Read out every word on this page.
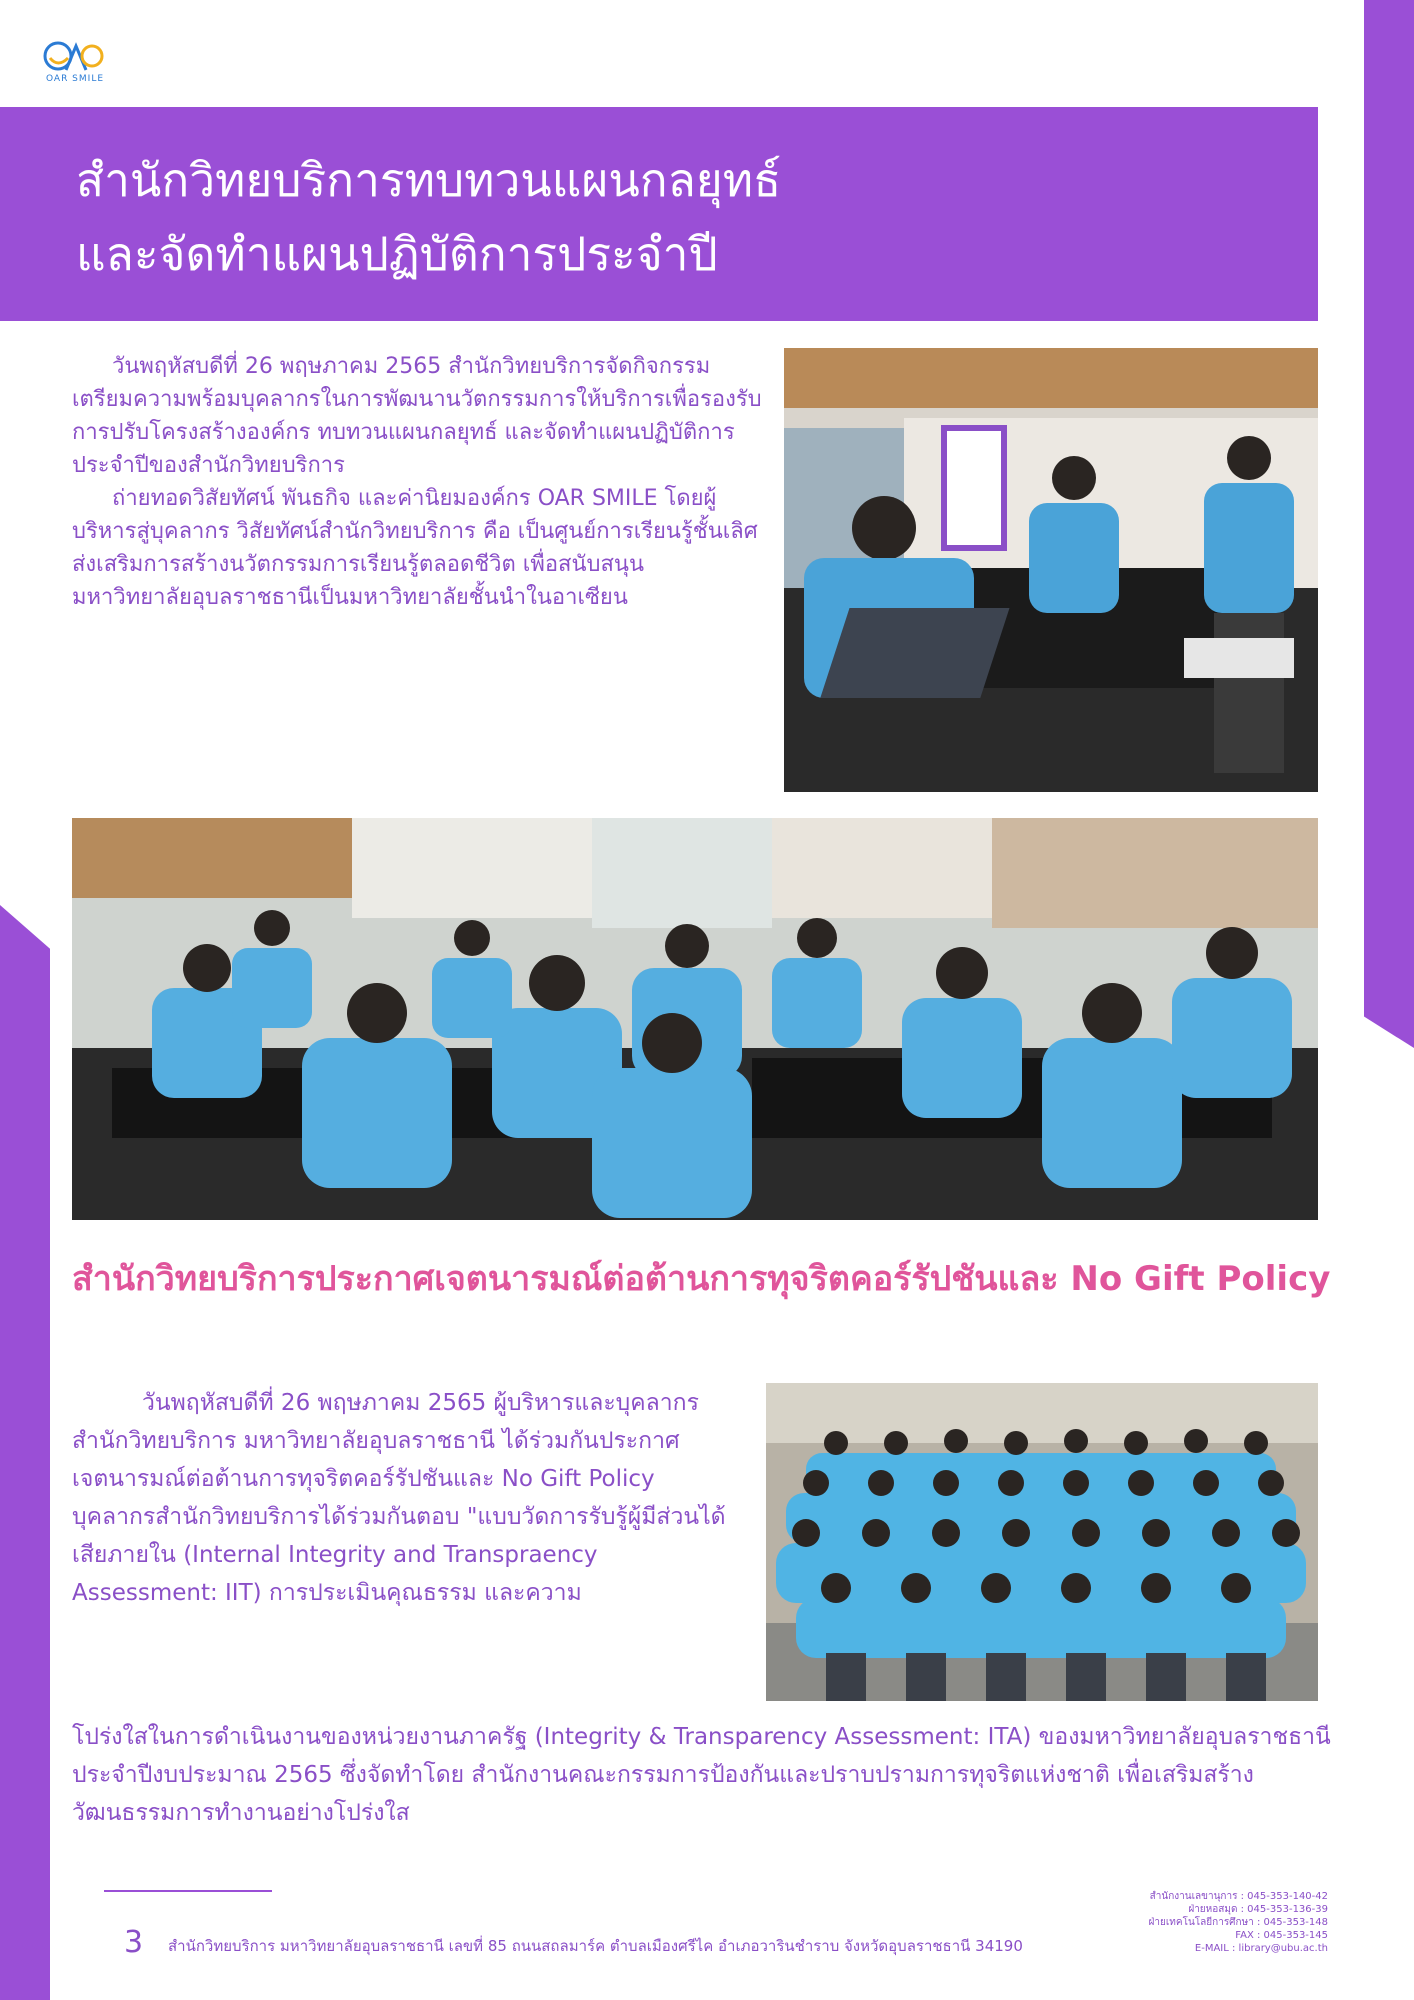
OAR SMILE
สำนักวิทยบริการทบทวนแผนกลยุทธ์
และจัดทำแผนปฏิบัติการประจำปี

วันพฤหัสบดีที่ 26 พฤษภาคม 2565 สำนักวิทยบริการจัดกิจกรรมเตรียมความพร้อมบุคลากรในการพัฒนานวัตกรรมการให้บริการเพื่อรองรับการปรับโครงสร้างองค์กร ทบทวนแผนกลยุทธ์ และจัดทำแผนปฏิบัติการประจำปีของสำนักวิทยบริการ

ถ่ายทอดวิสัยทัศน์ พันธกิจ และค่านิยมองค์กร OAR SMILE โดยผู้บริหารสู่บุคลากร วิสัยทัศน์สำนักวิทยบริการ คือ เป็นศูนย์การเรียนรู้ชั้นเลิศ ส่งเสริมการสร้างนวัตกรรมการเรียนรู้ตลอดชีวิต เพื่อสนับสนุนมหาวิทยาลัยอุบลราชธานีเป็นมหาวิทยาลัยชั้นนำในอาเซียน

สำนักวิทยบริการประกาศเจตนารมณ์ต่อต้านการทุจริตคอร์รัปชันและ No Gift Policy

วันพฤหัสบดีที่ 26 พฤษภาคม 2565 ผู้บริหารและบุคลากรสำนักวิทยบริการ มหาวิทยาลัยอุบลราชธานี ได้ร่วมกันประกาศเจตนารมณ์ต่อต้านการทุจริตคอร์รัปชันและ No Gift Policy บุคลากรสำนักวิทยบริการได้ร่วมกันตอบ "แบบวัดการรับรู้ผู้มีส่วนได้เสียภายใน (Internal Integrity and Transpraency Assessment: IIT) การประเมินคุณธรรม และความ

โปร่งใสในการดำเนินงานของหน่วยงานภาครัฐ (Integrity & Transparency Assessment: ITA) ของมหาวิทยาลัยอุบลราชธานี ประจำปีงบประมาณ 2565 ซึ่งจัดทำโดย สำนักงานคณะกรรมการป้องกันและปราบปรามการทุจริตแห่งชาติ เพื่อเสริมสร้างวัฒนธรรมการทำงานอย่างโปร่งใส

3 สำนักวิทยบริการ มหาวิทยาลัยอุบลราชธานี เลขที่ 85 ถนนสถลมาร์ค ตำบลเมืองศรีไค อำเภอวารินชำราบ จังหวัดอุบลราชธานี 34190
สำนักงานเลขานุการ : 045-353-140-42
ฝ่ายหอสมุด : 045-353-136-39
ฝ่ายเทคโนโลยีการศึกษา : 045-353-148
FAX : 045-353-145
E-MAIL : library@ubu.ac.th
